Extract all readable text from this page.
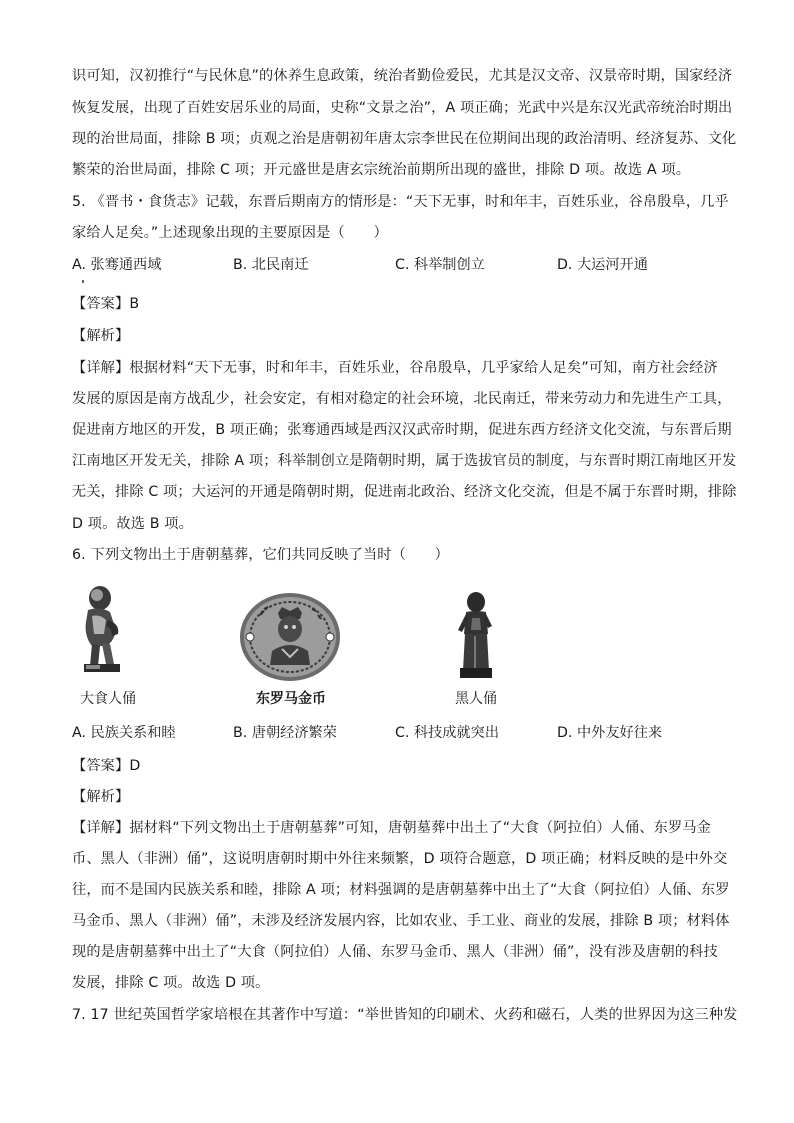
识可知，汉初推行“与民休息”的休养生息政策，统治者勤俭爱民，尤其是汉文帝、汉景帝时期，国家经济
恢复发展，出现了百姓安居乐业的局面，史称“文景之治”，A 项正确；光武中兴是东汉光武帝统治时期出
现的治世局面，排除 B 项；贞观之治是唐朝初年唐太宗李世民在位期间出现的政治清明、经济复苏、文化
繁荣的治世局面，排除 C 项；开元盛世是唐玄宗统治前期所出现的盛世，排除 D 项。故选 A 项。
5. 《晋书・食货志》记载，东晋后期南方的情形是：“天下无事，时和年丰，百姓乐业，谷帛殷阜，几乎
家给人足矣。”上述现象出现的主要原因是（　　）
A. 张骞通西域	B. 北民南迁	C. 科举制创立	D. 大运河开通
【答案】B
【解析】
【详解】根据材料“天下无事，时和年丰，百姓乐业，谷帛殷阜，几乎家给人足矣”可知，南方社会经济
发展的原因是南方战乱少，社会安定，有相对稳定的社会环境，北民南迁，带来劳动力和先进生产工具，
促进南方地区的开发，B 项正确；张骞通西域是西汉汉武帝时期，促进东西方经济文化交流，与东晋后期
江南地区开发无关，排除 A 项；科举制创立是隋朝时期，属于选拔官员的制度，与东晋时期江南地区开发
无关，排除 C 项；大运河的开通是隋朝时期，促进南北政治、经济文化交流，但是不属于东晋时期，排除
D 项。故选 B 项。
6. 下列文物出土于唐朝墓葬，它们共同反映了当时（　　）
大食人俑	东罗马金币	黑人俑
A. 民族关系和睦	B. 唐朝经济繁荣	C. 科技成就突出	D. 中外友好往来
【答案】D
【解析】
【详解】据材料“下列文物出土于唐朝墓葬”可知，唐朝墓葬中出土了“大食（阿拉伯）人俑、东罗马金
币、黑人（非洲）俑”，这说明唐朝时期中外往来频繁，D 项符合题意，D 项正确；材料反映的是中外交
往，而不是国内民族关系和睦，排除 A 项；材料强调的是唐朝墓葬中出土了“大食（阿拉伯）人俑、东罗
马金币、黑人（非洲）俑”，未涉及经济发展内容，比如农业、手工业、商业的发展，排除 B 项；材料体
现的是唐朝墓葬中出土了“大食（阿拉伯）人俑、东罗马金币、黑人（非洲）俑”，没有涉及唐朝的科技
发展，排除 C 项。故选 D 项。
7. 17 世纪英国哲学家培根在其著作中写道：“举世皆知的印刷术、火药和磁石，人类的世界因为这三种发
